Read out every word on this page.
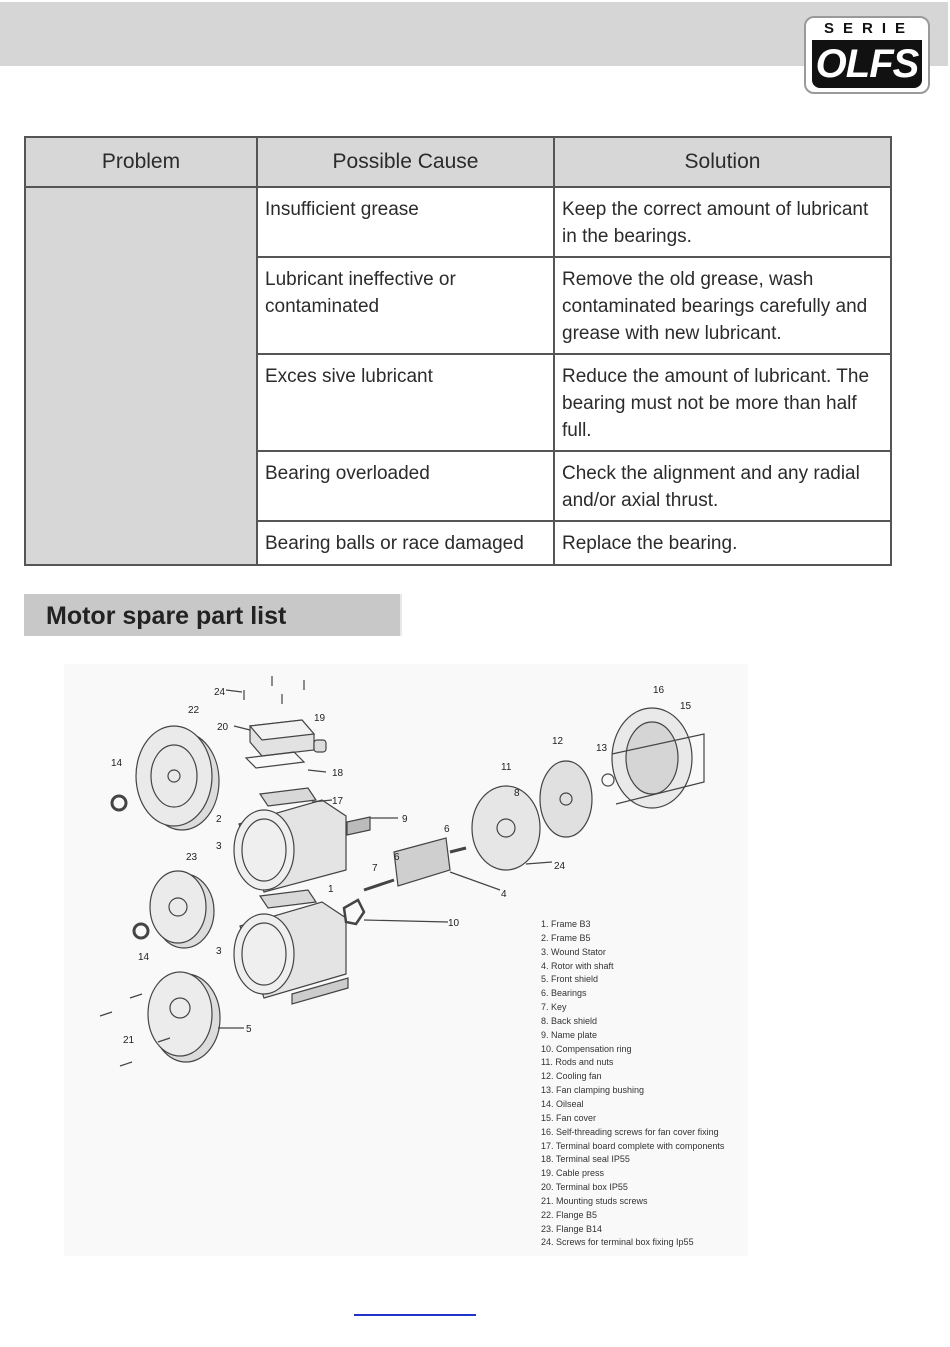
SERIE
OLFS
Problem	Possible Cause	Solution
	Insufficient grease	Keep the correct amount of lubricant in the bearings.
	Lubricant ineffective or contaminated	Remove the old grease, wash contaminated bearings carefully and grease with new lubricant.
	Exces sive lubricant	Reduce the amount of lubricant. The bearing must not be more than half full.
	Bearing overloaded	Check the alignment and any radial and/or axial thrust.
	Bearing balls or race damaged	Replace the bearing.
Motor spare part list
24
22
20
19
18
17
14
2
3
9
6
7
23
1
10
14
3
5
21
11
8
12
13
16
15
6
4
24
1. Frame B3
2. Frame B5
3. Wound Stator
4. Rotor with shaft
5. Front shield
6. Bearings
7. Key
8. Back shield
9. Name plate
10. Compensation ring
11. Rods and nuts
12. Cooling fan
13. Fan clamping bushing
14. Oilseal
15. Fan cover
16. Self-threading screws for fan cover fixing
17. Terminal board complete with components
18. Terminal seal IP55
19. Cable press
20. Terminal box IP55
21. Mounting studs screws
22. Flange B5
23. Flange B14
24. Screws for terminal box fixing Ip55
